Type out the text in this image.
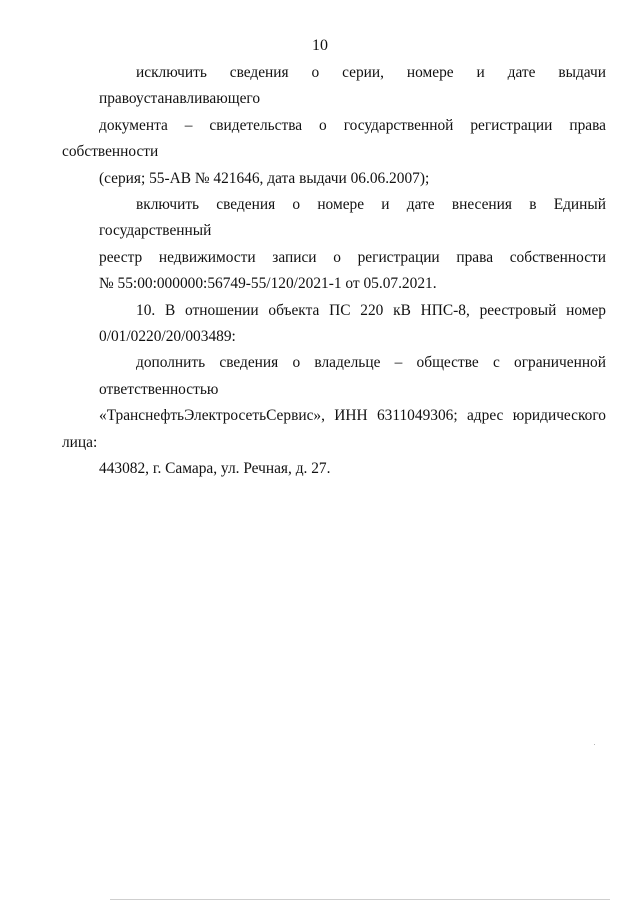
10
исключить сведения о серии, номере и дате выдачи правоустанавливающего
документа – свидетельства о государственной регистрации права собственности
(серия; 55-АВ № 421646, дата выдачи 06.06.2007);
включить сведения о номере и дате внесения в Единый государственный
реестр недвижимости записи о регистрации права собственности
№ 55:00:000000:56749-55/120/2021-1 от 05.07.2021.
10. В отношении объекта ПС 220 кВ НПС-8, реестровый номер
0/01/0220/20/003489:
дополнить сведения о владельце – обществе с ограниченной ответственностью
«ТранснефтьЭлектросетьСервис», ИНН 6311049306; адрес юридического лица:
443082, г. Самара, ул. Речная, д. 27.
